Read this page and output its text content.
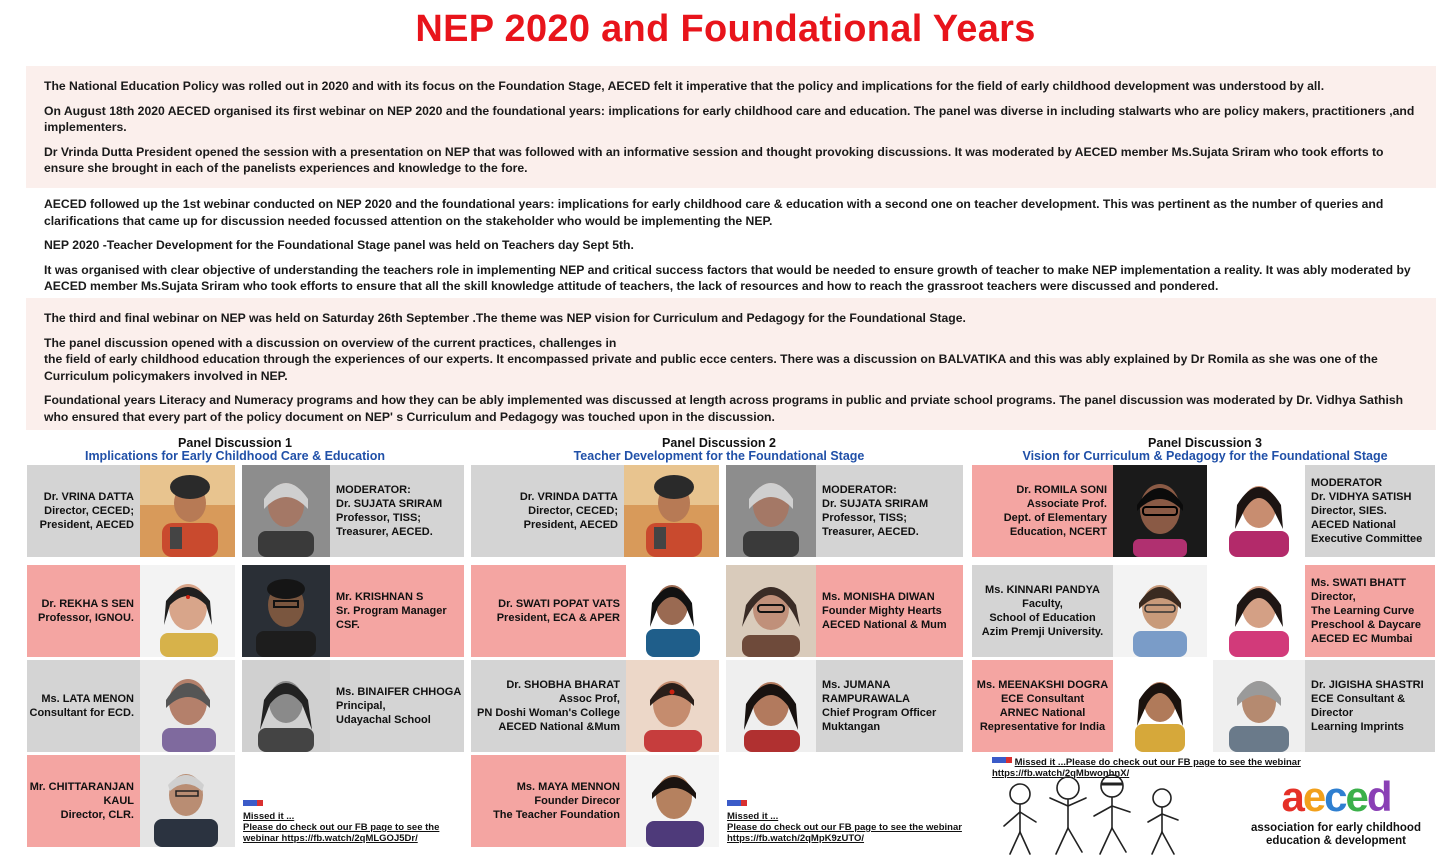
NEP 2020 and Foundational Years

The National Education Policy was rolled out in 2020 and with its focus on the Foundation Stage, AECED felt it imperative that the policy and implications for the field of early childhood development was understood by all.

On August 18th 2020 AECED organised its first webinar on NEP 2020 and the foundational years: implications for early childhood care and education. The panel was diverse in including stalwarts who are policy makers, practitioners ,and implementers.

Dr Vrinda Dutta President opened the session with a presentation on NEP that was followed with an informative session and thought provoking discussions. It was moderated by AECED member Ms.Sujata Sriram who took efforts to ensure she brought in each of the panelists experiences and knowledge to the fore.

AECED followed up the 1st webinar conducted on NEP 2020 and the foundational years: implications for early childhood care & education with a second one on teacher development. This was pertinent as the number of queries and clarifications that came up for discussion needed focussed attention on the stakeholder who would be implementing the NEP.

NEP 2020 -Teacher Development for the Foundational Stage panel was held on Teachers day Sept 5th.

It was organised with clear objective of understanding the teachers role in implementing NEP and critical success factors that would be needed to ensure growth of teacher to make NEP implementation a reality. It was ably moderated by AECED member Ms.Sujata Sriram who took efforts to ensure that all the skill knowledge attitude of teachers, the lack of resources and how to reach the grassroot teachers were discussed and pondered.

The third and final webinar on NEP was held on Saturday 26th September .The theme was NEP vision for Curriculum and Pedagogy for the Foundational Stage.

The panel discussion opened with a discussion on overview of the current practices, challenges in
the field of early childhood education through the experiences of our experts. It encompassed private and public ecce centers. There was a discussion on BALVATIKA and this was ably explained by Dr Romila as she was one of the Curriculum policymakers involved in NEP.

Foundational years Literacy and Numeracy programs and how they can be ably implemented was discussed at length across programs in public and prviate school programs. The panel discussion was moderated by Dr. Vidhya Sathish who ensured that every part of the policy document on NEP' s Curriculum and Pedagogy was touched upon in the discussion.

Panel Discussion 1
Implications for Early Childhood Care & Education
Panel Discussion 2
Teacher Development for the Foundational Stage
Panel Discussion 3
Vision for Curriculum & Pedagogy for the Foundational Stage
Dr. VRINA DATTA
Director, CECED;
President, AECED
MODERATOR:
Dr. SUJATA SRIRAM
Professor, TISS;
Treasurer, AECED.
Dr. REKHA S SEN
Professor, IGNOU.
Mr. KRISHNAN S
Sr. Program Manager
CSF.
Ms. LATA MENON
Consultant for ECD.
Ms. BINAIFER CHHOGA
Principal,
Udayachal School
Mr. CHITTARANJAN
KAUL
Director, CLR.	Missed it ...
Please do check out our FB page to see the
webinar https://fb.watch/2qMLGOJ5Dr/
Dr. VRINDA DATTA
Director, CECED;
President, AECED
MODERATOR:
Dr. SUJATA SRIRAM
Professor, TISS;
Treasurer, AECED.
Dr. SWATI POPAT VATS
President, ECA & APER
Ms. MONISHA DIWAN
Founder Mighty Hearts
AECED National & Mum
Dr. SHOBHA BHARAT
Assoc Prof,
PN Doshi Woman's College
AECED National &Mum
Ms. JUMANA
RAMPURAWALA
Chief Program Officer
Muktangan
Ms. MAYA MENNON
Founder Direcor
The Teacher Foundation	Missed it ...
Please do check out our FB page to see the webinar
https://fb.watch/2qMpK9zUTO/
Dr. ROMILA SONI
Associate Prof.
Dept. of Elementary
Education, NCERT
MODERATOR
Dr. VIDHYA SATISH
Director, SIES.
AECED National
Executive Committee
Ms. KINNARI PANDYA
Faculty,
School of Education
Azim Premji University.
Ms. SWATI BHATT
Director,
The Learning Curve
Preschool & Daycare
AECED EC Mumbai
Ms. MEENAKSHI DOGRA
ECE Consultant
ARNEC National
Representative for India
Dr. JIGISHA SHASTRI
ECE Consultant &
Director
Learning Imprints
Missed it ...Please do check out our FB page to see the webinar https://fb.watch/2qMbwonhnX/	aeced
association for early childhood
education & development
